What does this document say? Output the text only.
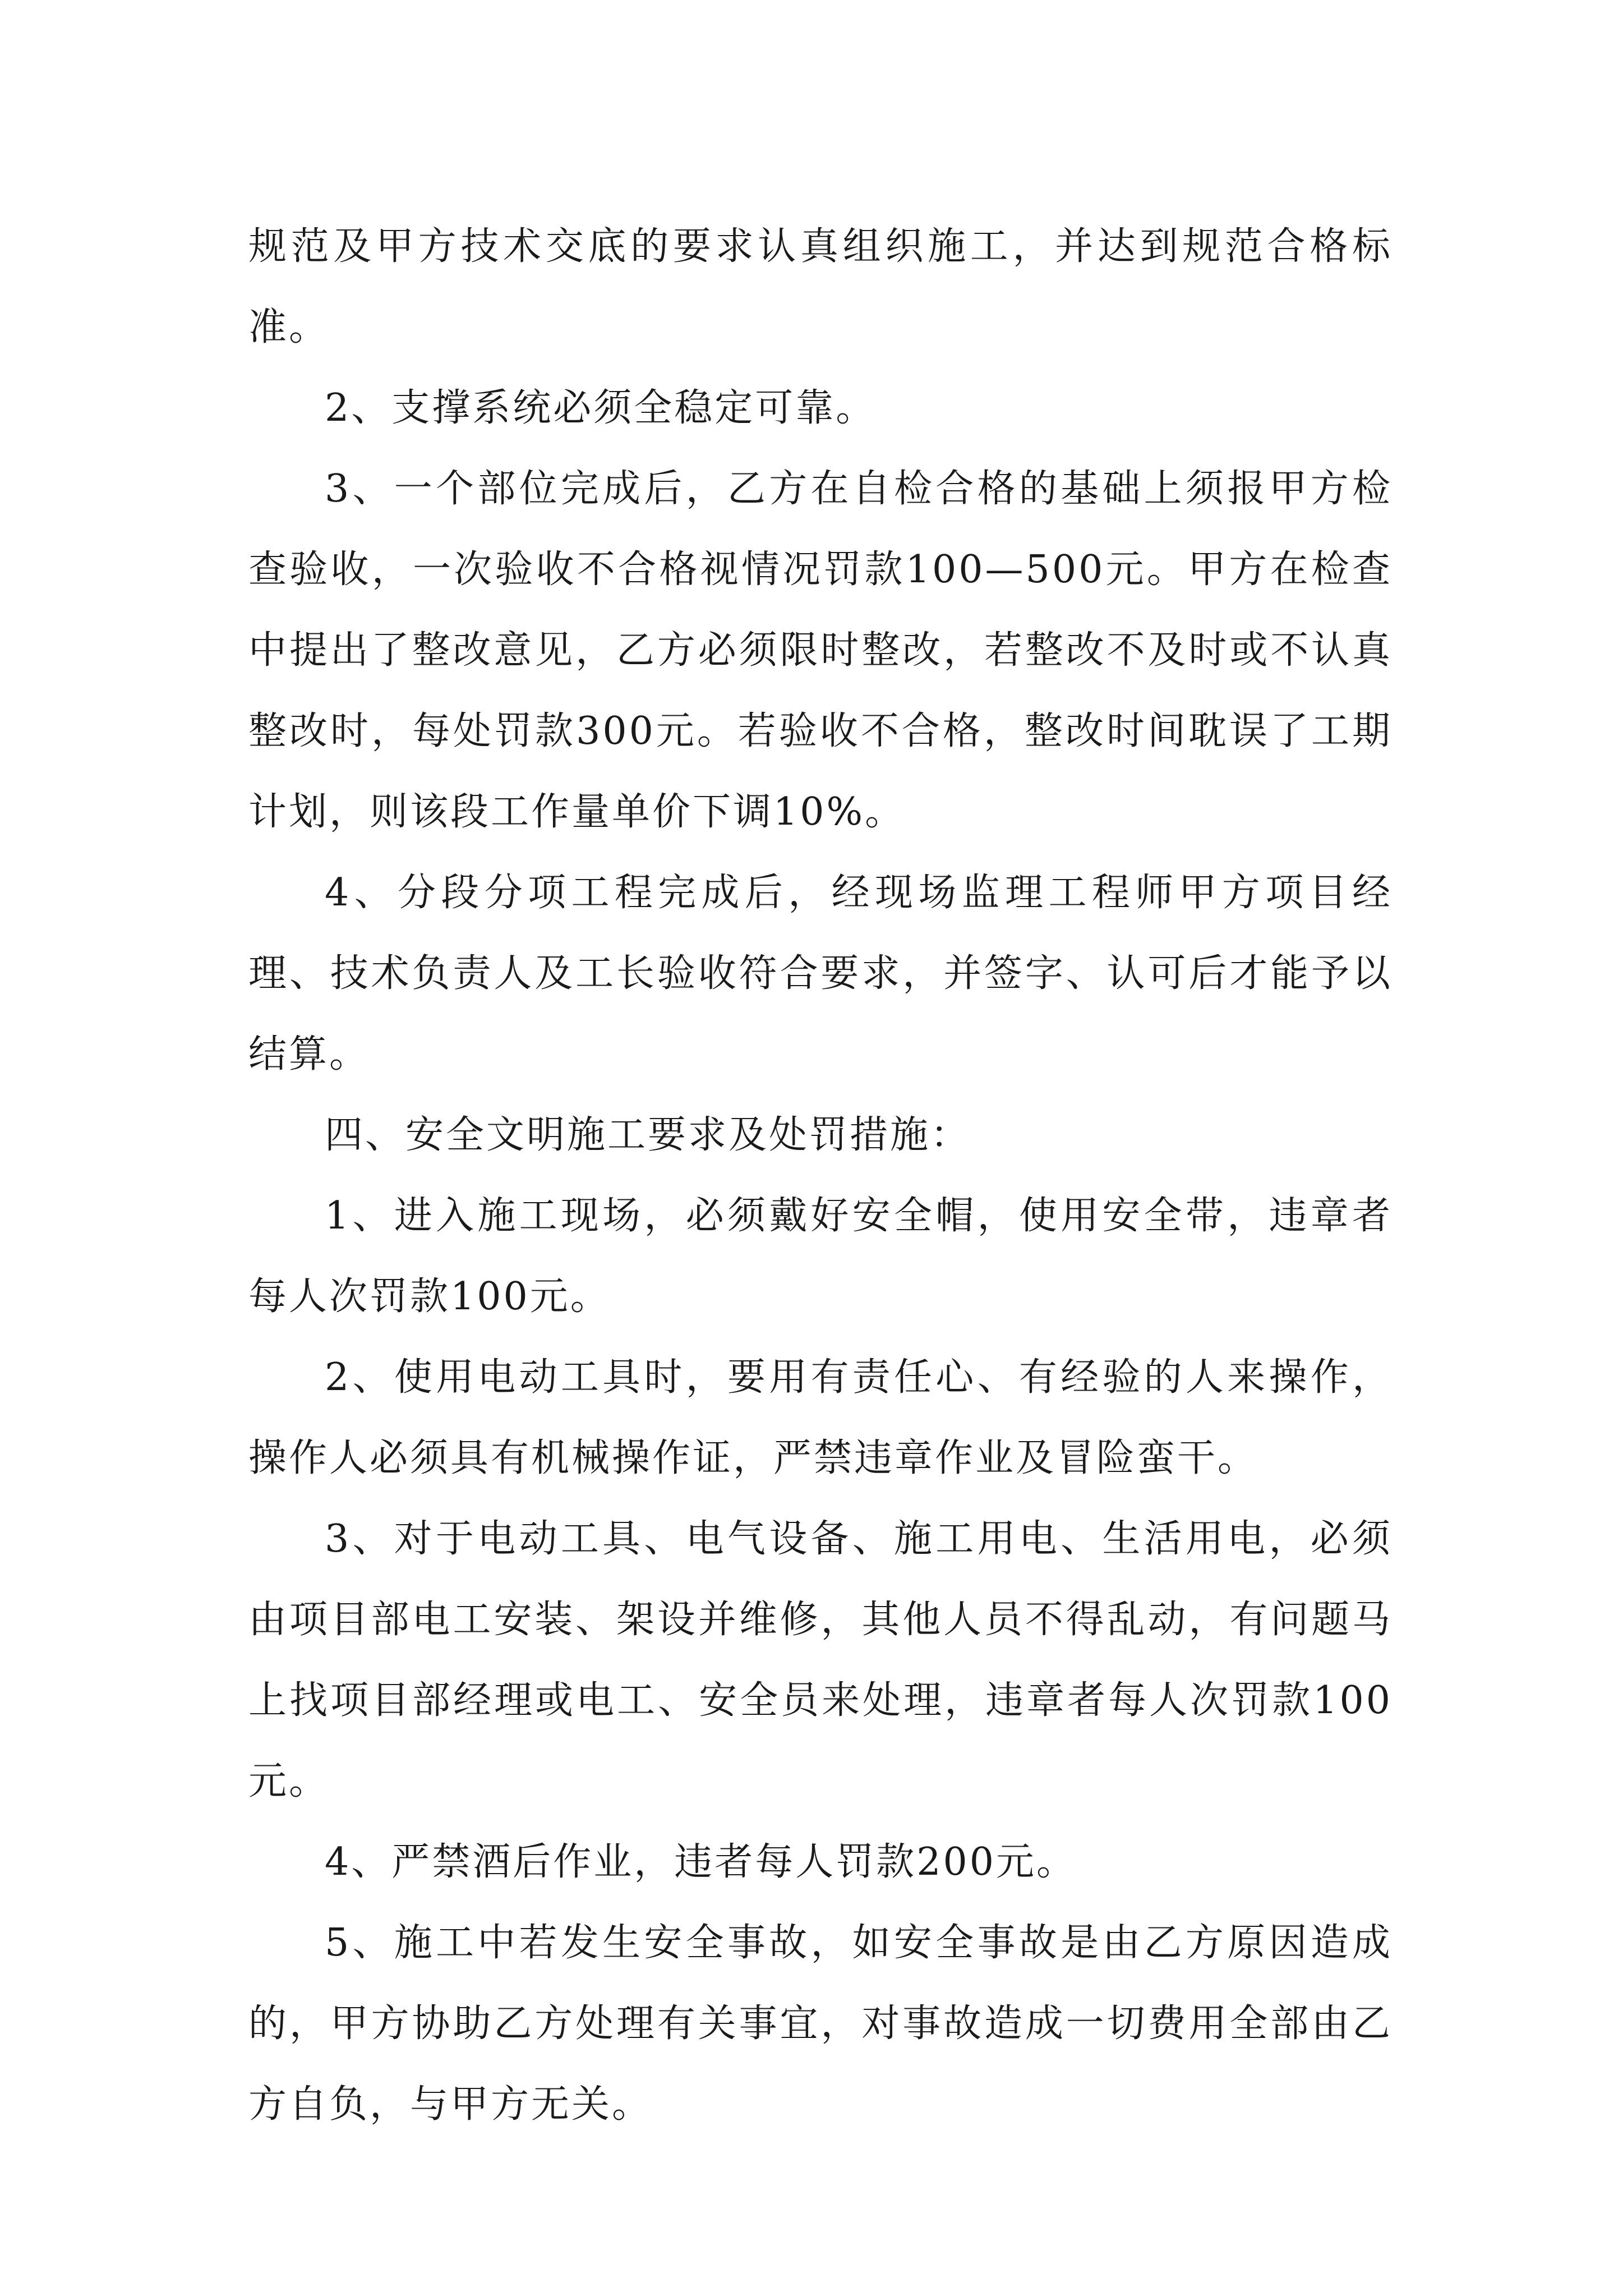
规范及甲方技术交底的要求认真组织施工，并达到规范合格标准。

2、支撑系统必须全稳定可靠。

3、一个部位完成后，乙方在自检合格的基础上须报甲方检查验收，一次验收不合格视情况罚款100—500元。甲方在检查中提出了整改意见，乙方必须限时整改，若整改不及时或不认真整改时，每处罚款300元。若验收不合格，整改时间耽误了工期计划，则该段工作量单价下调10%。

4、分段分项工程完成后，经现场监理工程师甲方项目经理、技术负责人及工长验收符合要求，并签字、认可后才能予以结算。

四、安全文明施工要求及处罚措施：

1、进入施工现场，必须戴好安全帽，使用安全带，违章者每人次罚款100元。

2、使用电动工具时，要用有责任心、有经验的人来操作，操作人必须具有机械操作证，严禁违章作业及冒险蛮干。

3、对于电动工具、电气设备、施工用电、生活用电，必须由项目部电工安装、架设并维修，其他人员不得乱动，有问题马上找项目部经理或电工、安全员来处理，违章者每人次罚款100元。

4、严禁酒后作业，违者每人罚款200元。

5、施工中若发生安全事故，如安全事故是由乙方原因造成的，甲方协助乙方处理有关事宜，对事故造成一切费用全部由乙方自负，与甲方无关。
